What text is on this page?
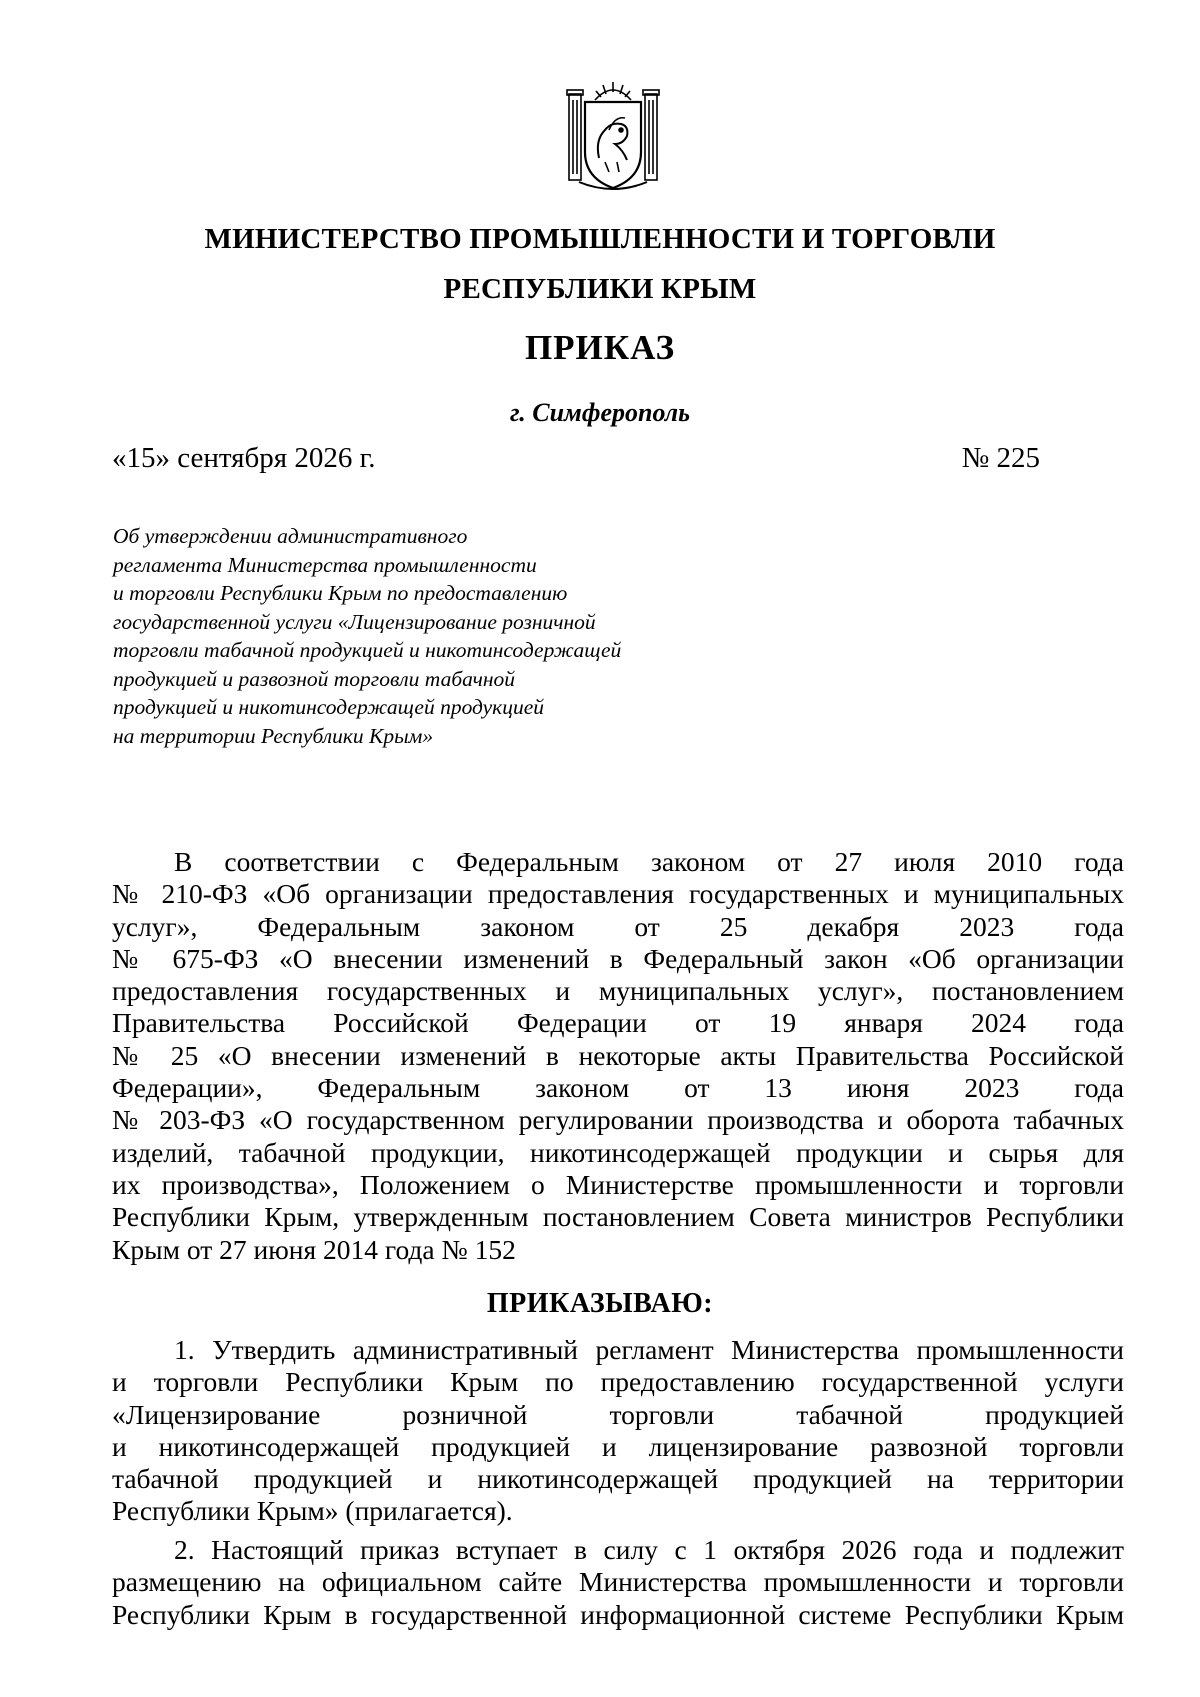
МИНИСТЕРСТВО ПРОМЫШЛЕННОСТИ И ТОРГОВЛИ
РЕСПУБЛИКИ КРЫМ
ПРИКАЗ
г. Симферополь
«15» сентября 2026 г.	№ 225
Об утверждении административного
регламента Министерства промышленности
и торговли Республики Крым по предоставлению
государственной услуги «Лицензирование розничной
торговли табачной продукцией и никотинсодержащей
продукцией и развозной торговли табачной
продукцией и никотинсодержащей продукцией
на территории Республики Крым»
В соответствии с Федеральным законом от 27 июля 2010 года
№ 210-ФЗ «Об организации предоставления государственных и муниципальных
услуг», Федеральным законом от 25 декабря 2023 года
№ 675-ФЗ «О внесении изменений в Федеральный закон «Об организации
предоставления государственных и муниципальных услуг», постановлением
Правительства Российской Федерации от 19 января 2024 года
№ 25 «О внесении изменений в некоторые акты Правительства Российской
Федерации», Федеральным законом от 13 июня 2023 года
№ 203-ФЗ «О государственном регулировании производства и оборота табачных
изделий, табачной продукции, никотинсодержащей продукции и сырья для
их производства», Положением о Министерстве промышленности и торговли
Республики Крым, утвержденным постановлением Совета министров Республики
Крым от 27 июня 2014 года № 152
ПРИКАЗЫВАЮ:
1. Утвердить административный регламент Министерства промышленности
и торговли Республики Крым по предоставлению государственной услуги
«Лицензирование розничной торговли табачной продукцией
и никотинсодержащей продукцией и лицензирование развозной торговли
табачной продукцией и никотинсодержащей продукцией на территории
Республики Крым» (прилагается).
2. Настоящий приказ вступает в силу с 1 октября 2026 года и подлежит
размещению на официальном сайте Министерства промышленности и торговли
Республики Крым в государственной информационной системе Республики Крым
